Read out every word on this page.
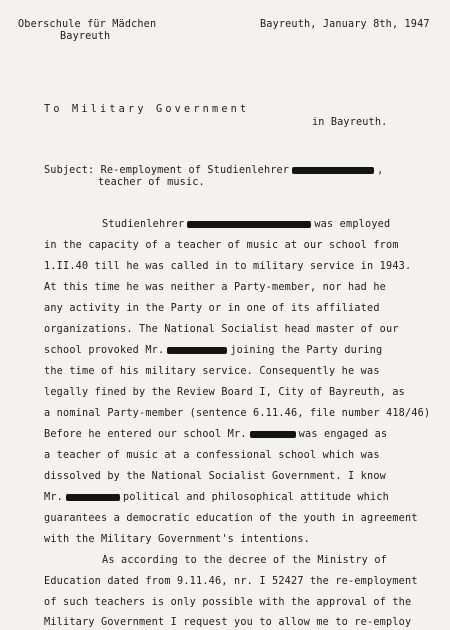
Oberschule für Mädchen
Bayreuth
Bayreuth, January 8th, 1947
To Military Government
in Bayreuth.
Subject: Re-employment of Studienlehrer	,
teacher of music.
Studienlehrer	was employed
in the capacity of a teacher of music at our school from
1.II.40 till he was called in to military service in 1943.
At this time he was neither a Party-member, nor had he
any activity in the Party or in one of its affiliated
organizations. The National Socialist head master of our
school provoked Mr.	joining the Party during
the time of his military service. Consequently he was
legally fined by the Review Board I, City of Bayreuth, as
a nominal Party-member (sentence 6.11.46, file number 418/46)
Before he entered our school Mr.	was engaged as
a teacher of music at a confessional school which was
dissolved by the National Socialist Government. I know
Mr.	political and philosophical attitude which
guarantees a democratic education of the youth in agreement
with the Military Government's intentions.
As according to the decree of the Ministry of
Education dated from 9.11.46, nr. I 52427 the re-employment
of such teachers is only possible with the approval of the
Military Government I request you to allow me to re-employ
